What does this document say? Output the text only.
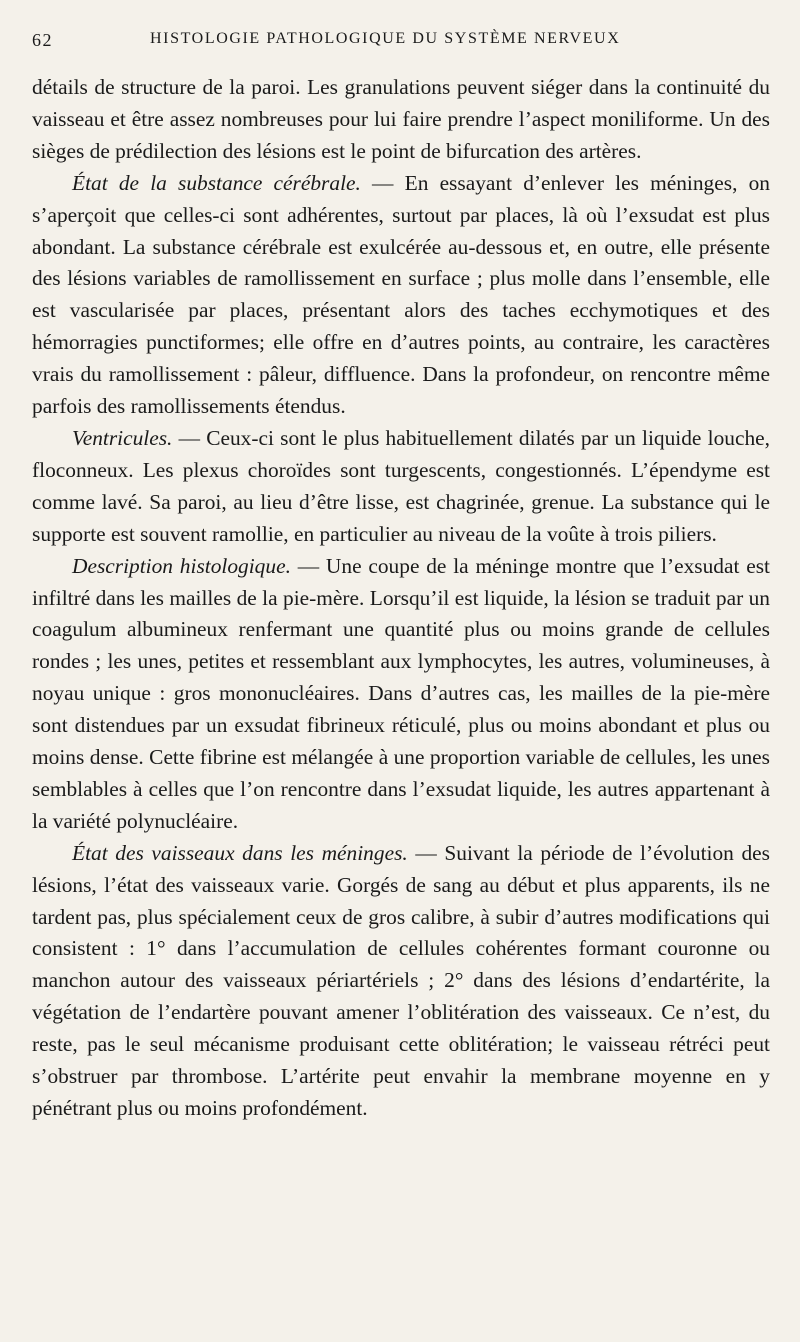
62	HISTOLOGIE PATHOLOGIQUE DU SYSTÈME NERVEUX

détails de structure de la paroi. Les granulations peuvent siéger dans la continuité du vaisseau et être assez nombreuses pour lui faire prendre l’aspect moniliforme. Un des sièges de prédilection des lésions est le point de bifurcation des artères.

État de la substance cérébrale. — En essayant d’enlever les méninges, on s’aperçoit que celles-ci sont adhérentes, surtout par places, là où l’exsudat est plus abondant. La substance cérébrale est exulcérée au-dessous et, en outre, elle présente des lésions variables de ramollissement en surface ; plus molle dans l’ensemble, elle est vascularisée par places, présentant alors des taches ecchymotiques et des hémorragies punctiformes; elle offre en d’autres points, au contraire, les caractères vrais du ramollissement : pâleur, diffluence. Dans la profondeur, on rencontre même parfois des ramollissements étendus.

Ventricules. — Ceux-ci sont le plus habituellement dilatés par un liquide louche, floconneux. Les plexus choroïdes sont turgescents, congestionnés. L’épendyme est comme lavé. Sa paroi, au lieu d’être lisse, est chagrinée, grenue. La substance qui le supporte est souvent ramollie, en particulier au niveau de la voûte à trois piliers.

Description histologique. — Une coupe de la méninge montre que l’exsudat est infiltré dans les mailles de la pie-mère. Lorsqu’il est liquide, la lésion se traduit par un coagulum albumineux renfermant une quantité plus ou moins grande de cellules rondes ; les unes, petites et ressemblant aux lymphocytes, les autres, volumineuses, à noyau unique : gros mononucléaires. Dans d’autres cas, les mailles de la pie-mère sont distendues par un exsudat fibrineux réticulé, plus ou moins abondant et plus ou moins dense. Cette fibrine est mélangée à une proportion variable de cellules, les unes semblables à celles que l’on rencontre dans l’exsudat liquide, les autres appartenant à la variété polynucléaire.

État des vaisseaux dans les méninges. — Suivant la période de l’évolution des lésions, l’état des vaisseaux varie. Gorgés de sang au début et plus apparents, ils ne tardent pas, plus spécialement ceux de gros calibre, à subir d’autres modifications qui consistent : 1° dans l’accumulation de cellules cohérentes formant couronne ou manchon autour des vaisseaux périartériels ; 2° dans des lésions d’endartérite, la végétation de l’endartère pouvant amener l’oblitération des vaisseaux. Ce n’est, du reste, pas le seul mécanisme produisant cette oblitération; le vaisseau rétréci peut s’obstruer par thrombose. L’artérite peut envahir la membrane moyenne en y pénétrant plus ou moins profondément.
